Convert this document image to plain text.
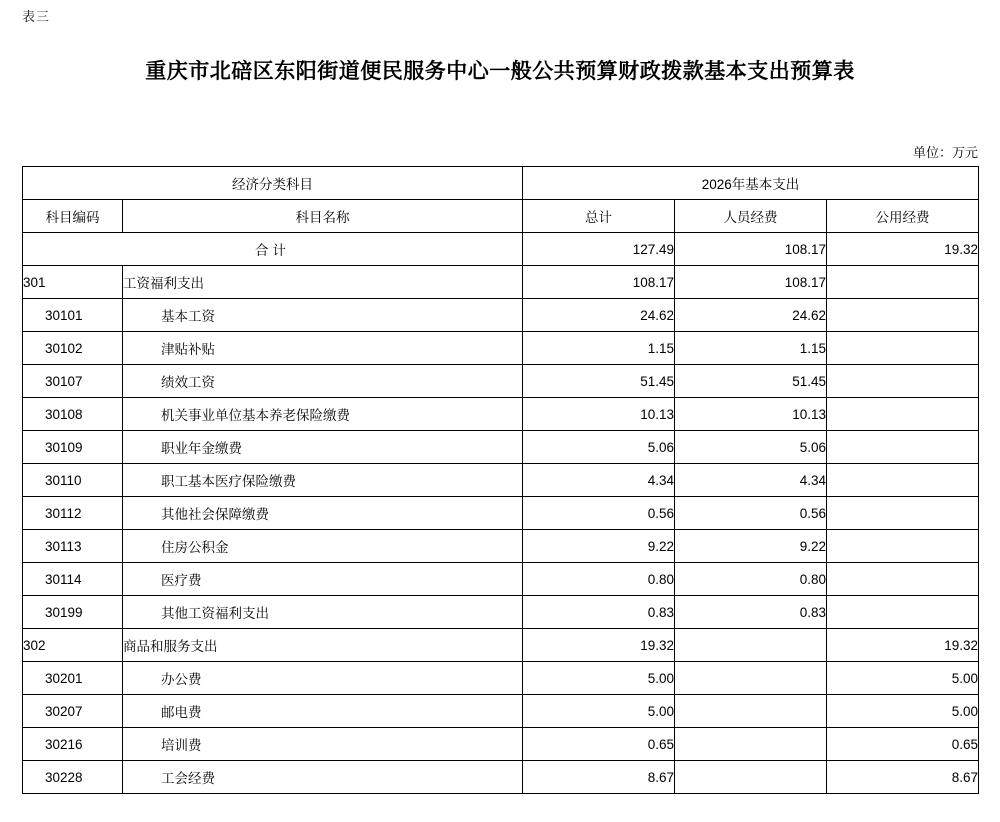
表三
重庆市北碚区东阳街道便民服务中心一般公共预算财政拨款基本支出预算表
单位：万元
经济分类科目		2026年基本支出		
科目编码	科目名称	总计	人员经费	公用经费
合计		127.49	108.17	19.32
301	工资福利支出	108.17	108.17	
30101	基本工资	24.62	24.62	
30102	津贴补贴	1.15	1.15	
30107	绩效工资	51.45	51.45	
30108	机关事业单位基本养老保险缴费	10.13	10.13	
30109	职业年金缴费	5.06	5.06	
30110	职工基本医疗保险缴费	4.34	4.34	
30112	其他社会保障缴费	0.56	0.56	
30113	住房公积金	9.22	9.22	
30114	医疗费	0.80	0.80	
30199	其他工资福利支出	0.83	0.83	
302	商品和服务支出	19.32		19.32
30201	办公费	5.00		5.00
30207	邮电费	5.00		5.00
30216	培训费	0.65		0.65
30228	工会经费	8.67		8.67
